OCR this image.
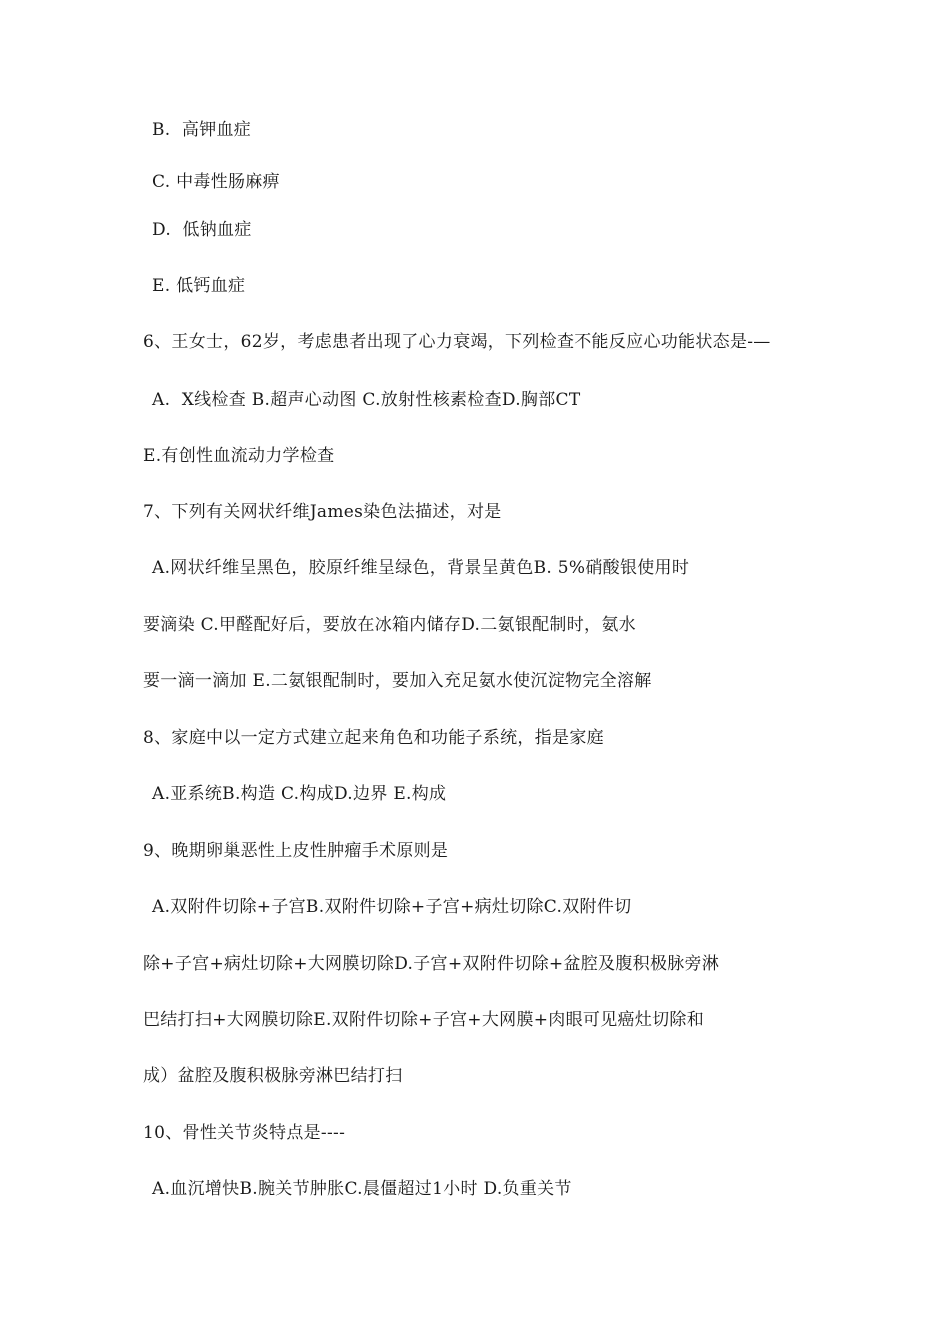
B.  高钾血症
C. 中毒性肠麻痹
D.  低钠血症
E. 低钙血症
6、王女士，62岁，考虑患者出现了心力衰竭，下列检查不能反应心功能状态是-—
A.  X线检查 B.超声心动图 C.放射性核素检查D.胸部CT
E.有创性血流动力学检查
7、下列有关网状纤维James染色法描述，对是
A.网状纤维呈黑色，胶原纤维呈绿色，背景呈黄色B. 5%硝酸银使用时
要滴染 C.甲醛配好后，要放在冰箱内储存D.二氨银配制时，氨水
要一滴一滴加 E.二氨银配制时，要加入充足氨水使沉淀物完全溶解
8、家庭中以一定方式建立起来角色和功能子系统，指是家庭
A.亚系统B.构造 C.构成D.边界 E.构成
9、晚期卵巢恶性上皮性肿瘤手术原则是
A.双附件切除+子宫B.双附件切除+子宫+病灶切除C.双附件切
除+子宫+病灶切除+大网膜切除D.子宫+双附件切除+盆腔及腹积极脉旁淋
巴结打扫+大网膜切除E.双附件切除+子宫+大网膜+肉眼可见癌灶切除和
成）盆腔及腹积极脉旁淋巴结打扫
10、骨性关节炎特点是----
A.血沉增快B.腕关节肿胀C.晨僵超过1小时 D.负重关节
